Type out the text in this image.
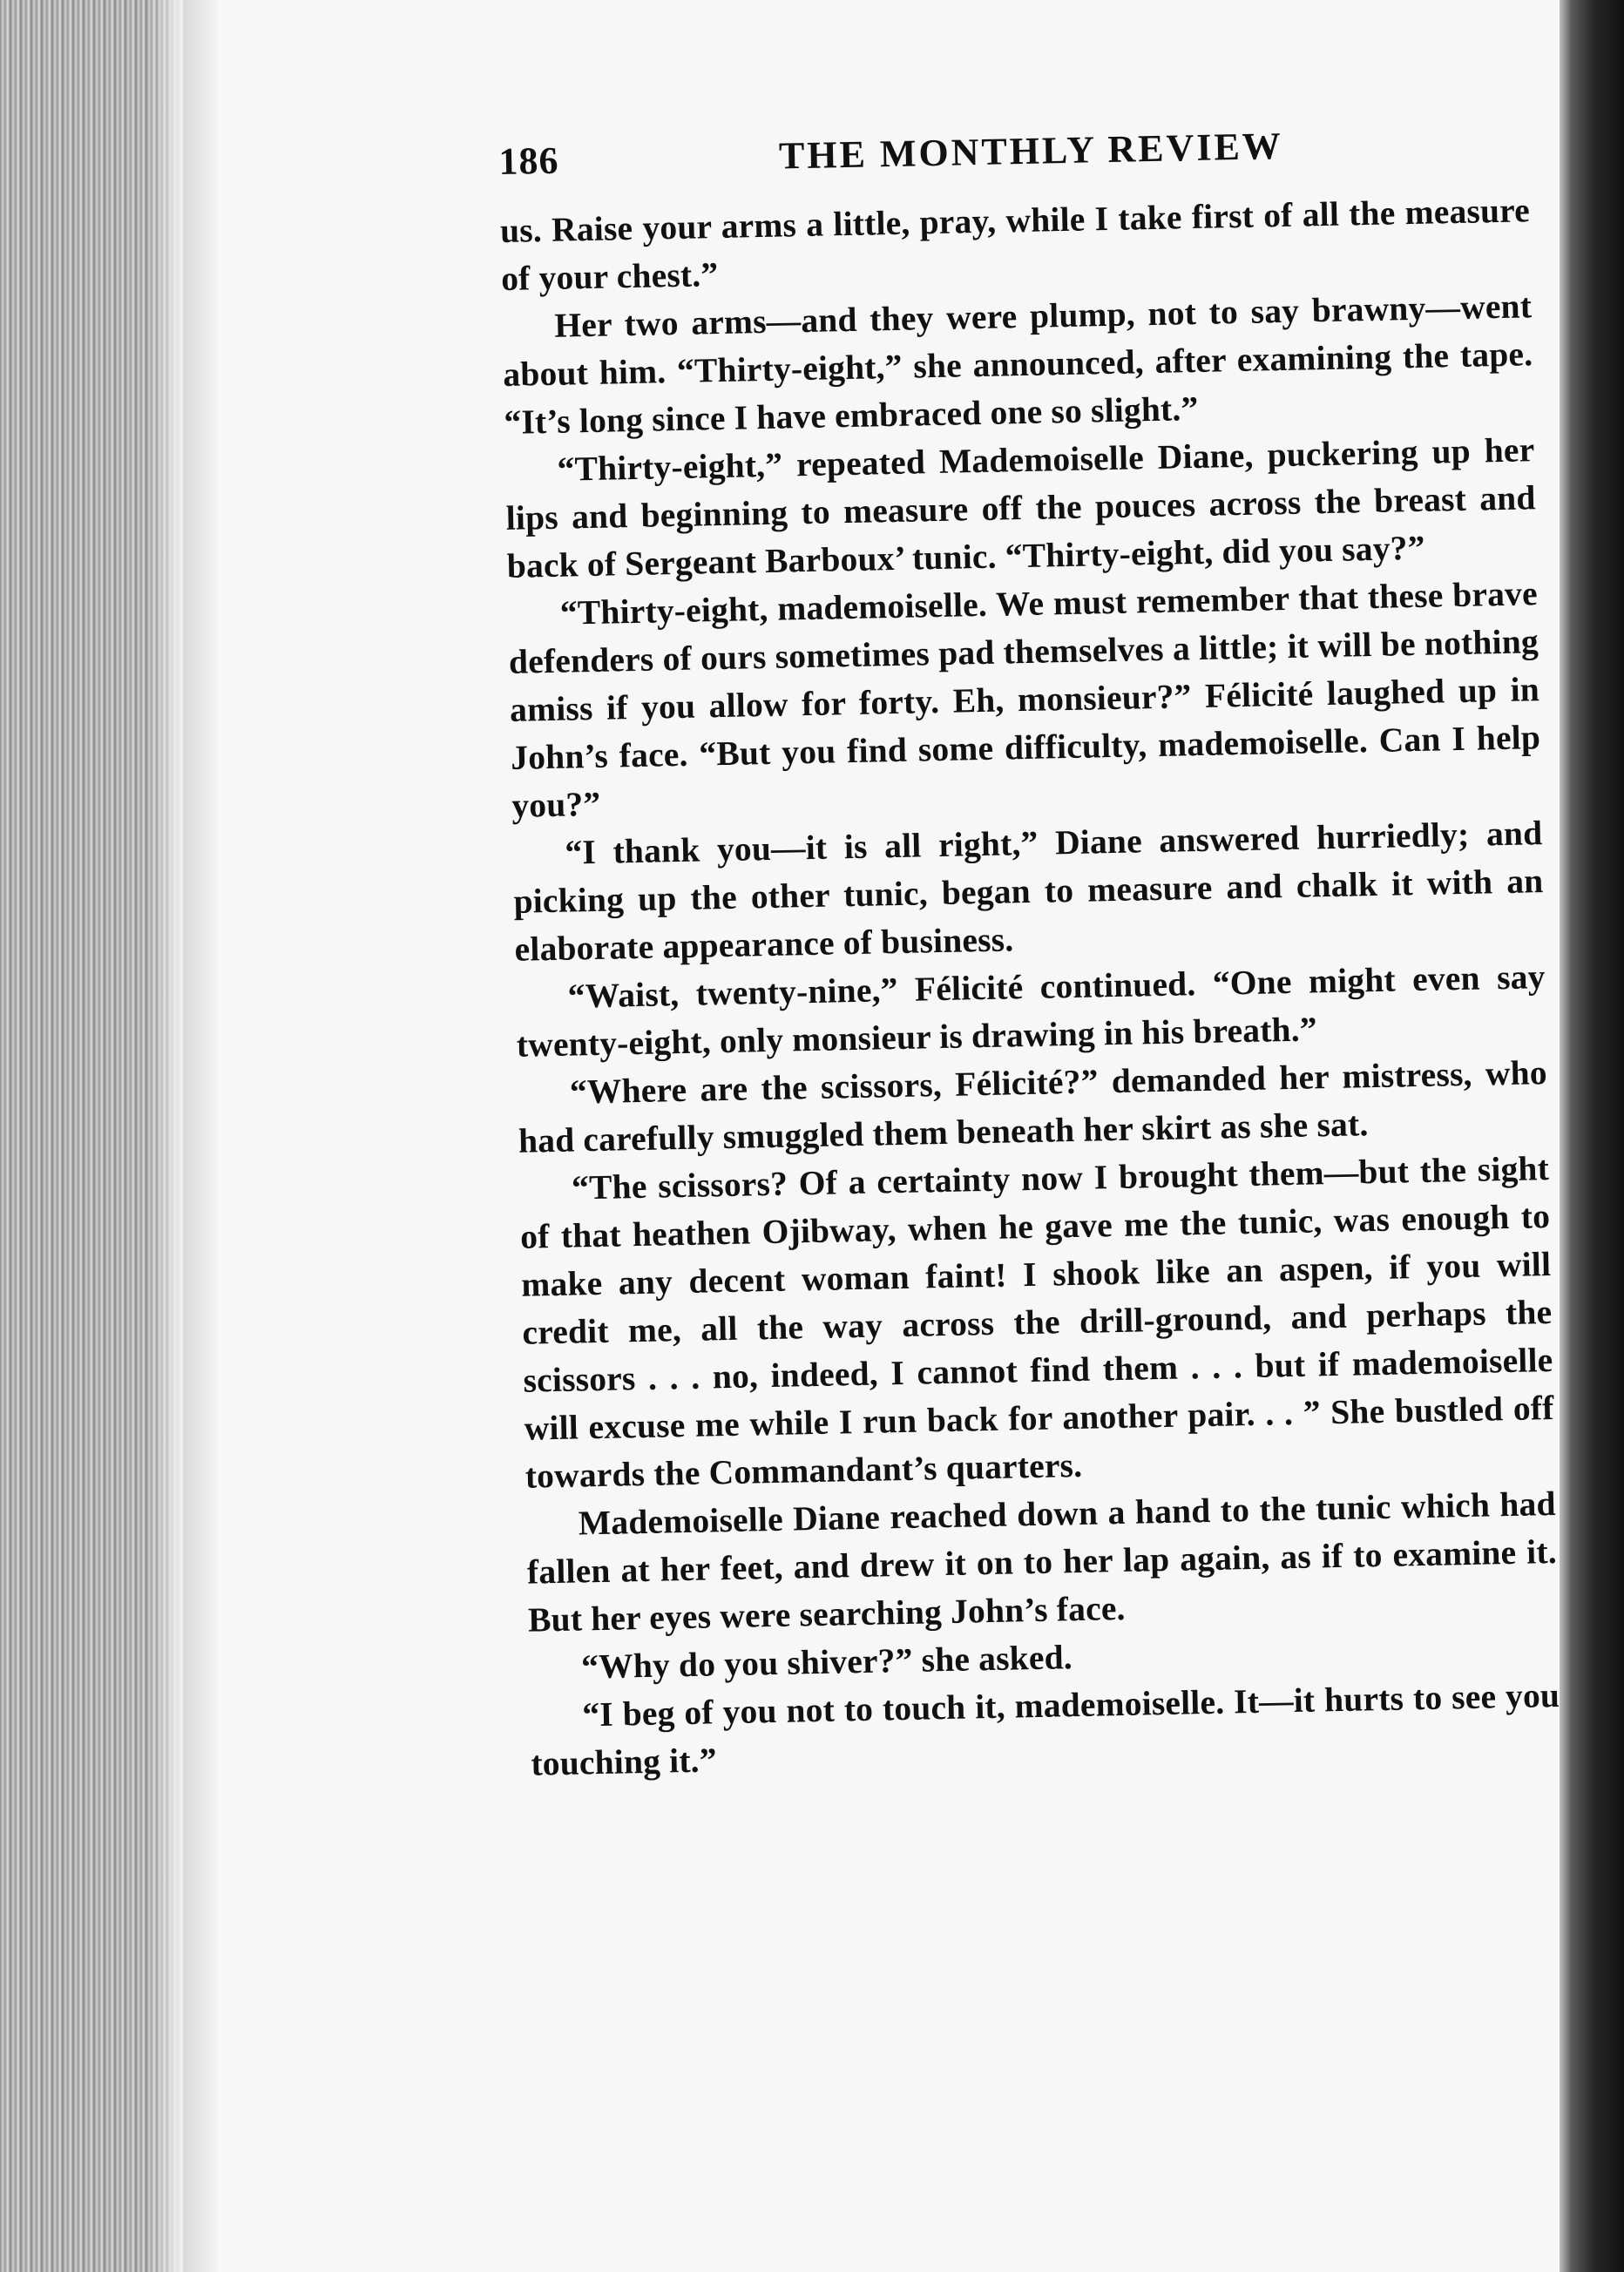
186	THE MONTHLY REVIEW

us. Raise your arms a little, pray, while I take first of all the measure of your chest.”

Her two arms—and they were plump, not to say brawny—went about him. “Thirty-eight,” she announced, after examining the tape. “It’s long since I have embraced one so slight.”

“Thirty-eight,” repeated Mademoiselle Diane, puckering up her lips and beginning to measure off the pouces across the breast and back of Sergeant Barboux’ tunic. “Thirty-eight, did you say?”

“Thirty-eight, mademoiselle. We must remember that these brave defenders of ours sometimes pad themselves a little; it will be nothing amiss if you allow for forty. Eh, monsieur?” Félicité laughed up in John’s face. “But you find some difficulty, mademoiselle. Can I help you?”

“I thank you—it is all right,” Diane answered hurriedly; and picking up the other tunic, began to measure and chalk it with an elaborate appearance of business.

“Waist, twenty-nine,” Félicité continued. “One might even say twenty-eight, only monsieur is drawing in his breath.”

“Where are the scissors, Félicité?” demanded her mistress, who had carefully smuggled them beneath her skirt as she sat.

“The scissors? Of a certainty now I brought them—but the sight of that heathen Ojibway, when he gave me the tunic, was enough to make any decent woman faint! I shook like an aspen, if you will credit me, all the way across the drill-ground, and perhaps the scissors . . . no, indeed, I cannot find them . . . but if mademoiselle will excuse me while I run back for another pair. . . ” She bustled off towards the Commandant’s quarters.

Mademoiselle Diane reached down a hand to the tunic which had fallen at her feet, and drew it on to her lap again, as if to examine it. But her eyes were searching John’s face.

“Why do you shiver?” she asked.

“I beg of you not to touch it, mademoiselle. It—it hurts to see you touching it.”
